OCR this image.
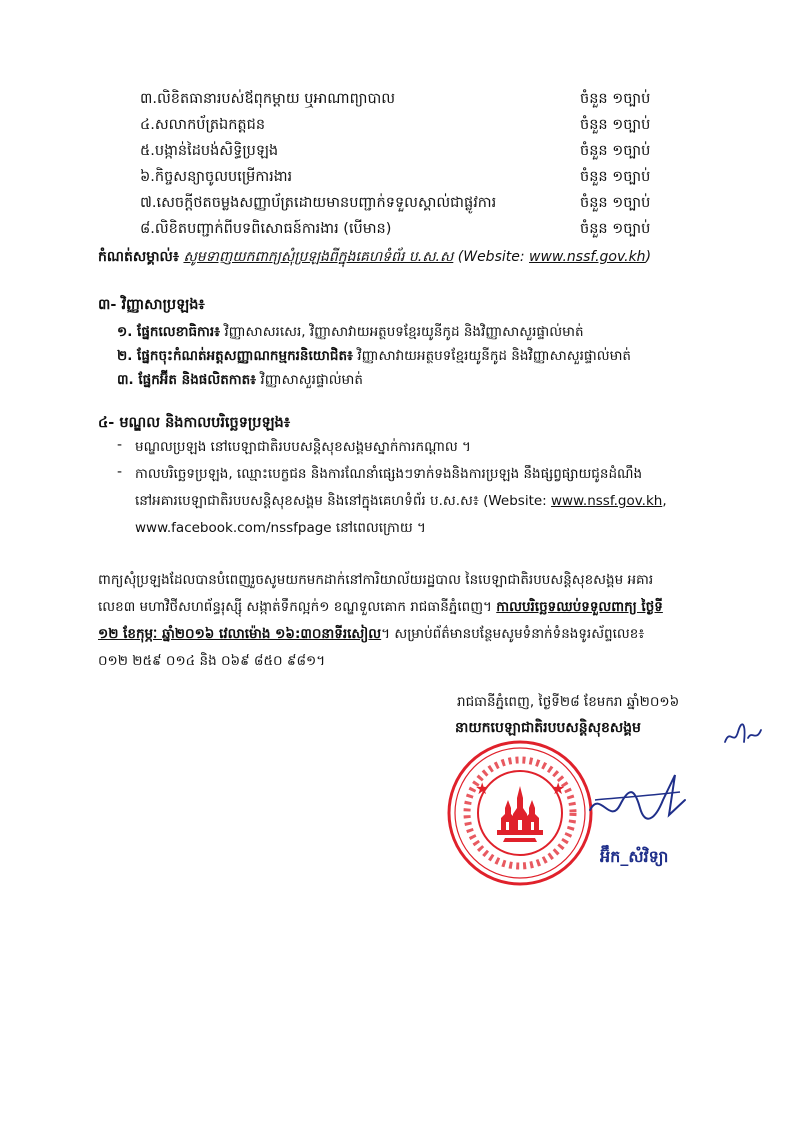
៣.លិខិតធានារបស់ឪពុកម្ដាយ ឬអាណាព្យាបាល	ចំនួន ១ច្បាប់
៤.សលាកប័ត្រឯកត្តជន	ចំនួន ១ច្បាប់
៥.បង្កាន់ដៃបង់សិទ្ធិប្រឡង	ចំនួន ១ច្បាប់
៦.កិច្ចសន្យាចូលបម្រើការងារ	ចំនួន ១ច្បាប់
៧.សេចក្ដីថតចម្លងសញ្ញាប័ត្រដោយមានបញ្ជាក់ទទួលស្គាល់ជាផ្លូវការ	ចំនួន ១ច្បាប់
៨.លិខិតបញ្ជាក់ពីបទពិសោធន៍ការងារ (បើមាន)	ចំនួន ១ច្បាប់
កំណត់សម្គាល់៖ សូមទាញយកពាក្យសុំប្រឡងពីក្នុងគេហទំព័រ ប.ស.ស (Website: www.nssf.gov.kh)
៣- វិញ្ញាសាប្រឡង៖
១. ផ្នែកលេខាធិការ៖ វិញ្ញាសាសរសេរ, វិញ្ញាសាវាយអត្ថបទខ្មែរយូនីកូដ និងវិញ្ញាសាសួរផ្ទាល់មាត់
២. ផ្នែកចុះកំណត់អត្តសញ្ញាណកម្មករនិយោជិត៖ វិញ្ញាសាវាយអត្ថបទខ្មែរយូនីកូដ និងវិញ្ញាសាសួរផ្ទាល់មាត់
៣. ផ្នែកអ៊ីត និងផលិតកាត៖ វិញ្ញាសាសួរផ្ទាល់មាត់
៤- មណ្ឌល និងកាលបរិច្ឆេទប្រឡង៖
- មណ្ឌលប្រឡង នៅបេឡាជាតិរបបសន្តិសុខសង្គមស្នាក់ការកណ្ដាល ។
- កាលបរិច្ឆេទប្រឡង, ឈ្មោះបេក្ខជន និងការណែនាំផ្សេងៗទាក់ទងនិងការប្រឡង នឹងផ្សព្វផ្សាយជូនដំណឹង
នៅអគារបេឡាជាតិរបបសន្តិសុខសង្គម និងនៅក្នុងគេហទំព័រ ប.ស.ស៖ (Website: www.nssf.gov.kh,
www.facebook.com/nssfpage នៅពេលក្រោយ ។
ពាក្យសុំប្រឡងដែលបានបំពេញរួចសូមយកមកដាក់នៅការិយាល័យរដ្ឋបាល នៃបេឡាជាតិរបបសន្តិសុខសង្គម អគារ
លេខ៣ មហាវិថីសហព័ន្ធរុស្ស៊ី សង្កាត់ទឹកល្អក់១ ខណ្ឌទួលគោក រាជធានីភ្នំពេញ។ កាលបរិច្ឆេទឈប់ទទួលពាក្យ ថ្ងៃទី
១២ ខែកុម្ភៈ ឆ្នាំ២០១៦ វេលាម៉ោង ១៦:៣០នាទីរសៀល។ សម្រាប់ព័ត៌មានបន្ថែមសូមទំនាក់ទំនងទូរស័ព្ទលេខ៖
០១២ ២៥៩ ០១៤ និង ០៦៩ ៨៥០ ៩៨១។
រាជធានីភ្នំពេញ, ថ្ងៃទី២៨ ខែមករា ឆ្នាំ២០១៦
នាយកបេឡាជាតិរបបសន្តិសុខសង្គម
★	★
អ៊ឹក_សំវិទ្យា
